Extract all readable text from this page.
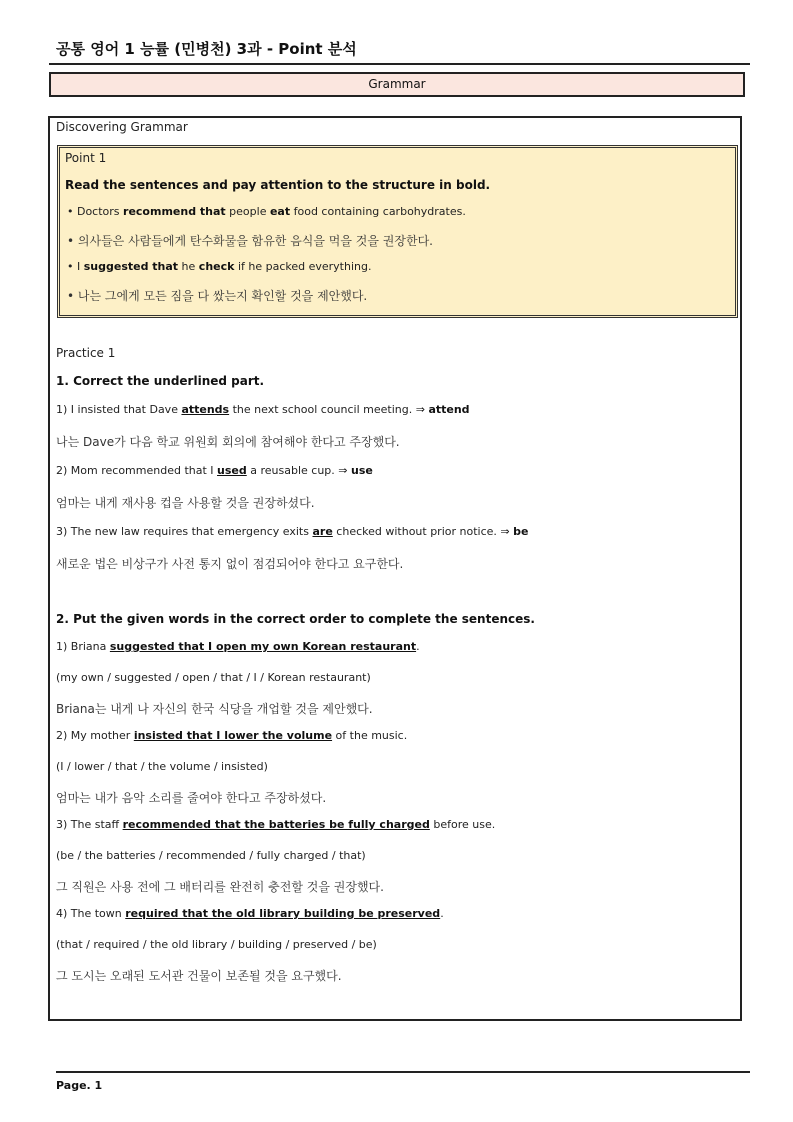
공통 영어 1 능률 (민병천) 3과 - Point 분석
Grammar
Discovering Grammar
Point 1
Read the sentences and pay attention to the structure in bold.
• Doctors recommend that people eat food containing carbohydrates.
• 의사들은 사람들에게 탄수화물을 함유한 음식을 먹을 것을 권장한다.
• I suggested that he check if he packed everything.
• 나는 그에게 모든 짐을 다 쌌는지 확인할 것을 제안했다.
Practice 1
1. Correct the underlined part.
1) I insisted that Dave attends the next school council meeting. ⇒ attend
나는 Dave가 다음 학교 위원회 회의에 참여해야 한다고 주장했다.
2) Mom recommended that I used a reusable cup. ⇒ use
엄마는 내게 재사용 컵을 사용할 것을 권장하셨다.
3) The new law requires that emergency exits are checked without prior notice. ⇒ be
새로운 법은 비상구가 사전 통지 없이 점검되어야 한다고 요구한다.
2. Put the given words in the correct order to complete the sentences.
1) Briana suggested that I open my own Korean restaurant.
(my own / suggested / open / that / I / Korean restaurant)
Briana는 내게 나 자신의 한국 식당을 개업할 것을 제안했다.
2) My mother insisted that I lower the volume of the music.
(I / lower / that / the volume / insisted)
엄마는 내가 음악 소리를 줄여야 한다고 주장하셨다.
3) The staff recommended that the batteries be fully charged before use.
(be / the batteries / recommended / fully charged / that)
그 직원은 사용 전에 그 배터리를 완전히 충전할 것을 권장했다.
4) The town required that the old library building be preserved.
(that / required / the old library / building / preserved / be)
그 도시는 오래된 도서관 건물이 보존될 것을 요구했다.
Page. 1
